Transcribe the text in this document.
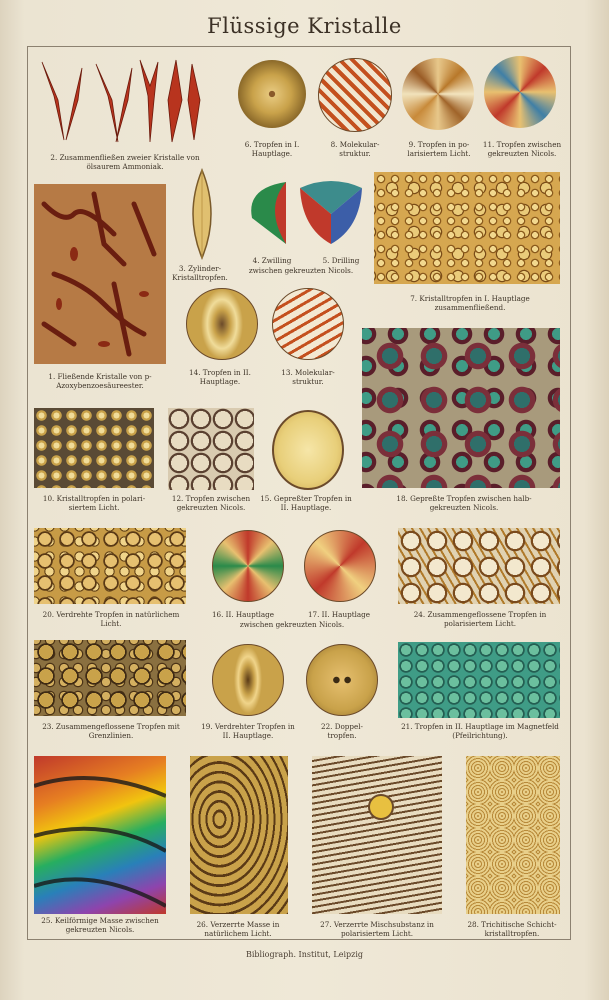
Flüssige Kristalle
2. Zusammenfließen zweier Kristalle von ölsaurem Ammoniak.
6. Tropfen in I. Hauptlage.
8. Molekular-struktur.
9. Tropfen in po-larisiertem Licht.
11. Tropfen zwischen gekreuzten Nicols.
1. Fließende Kristalle von p-Azoxybenzoesäureester.
3. Zylinder-Kristalltropfen.
4. Zwilling	5. Drilling
zwischen gekreuzten Nicols.
7. Kristalltropfen in I. Hauptlage zusammenfließend.
14. Tropfen in II. Hauptlage.
13. Molekular-struktur.
18. Gepreßte Tropfen zwischen halb-gekreuzten Nicols.
10. Kristalltropfen in polari-siertem Licht.
12. Tropfen zwischen gekreuzten Nicols.
15. Gepreßter Tropfen in II. Hauptlage.
20. Verdrehte Tropfen in natürlichem Licht.
16. II. Hauptlage	17. II. Hauptlage
zwischen gekreuzten Nicols.
24. Zusammengeflossene Tropfen in polarisiertem Licht.
23. Zusammengeflossene Tropfen mit Grenzlinien.
19. Verdrehter Tropfen in II. Hauptlage.
22. Doppel-tropfen.
21. Tropfen in II. Hauptlage im Magnetfeld (Pfeilrichtung).
25. Keilförmige Masse zwischen gekreuzten Nicols.
26. Verzerrte Masse in natürlichem Licht.
27. Verzerrte Mischsubstanz in polarisiertem Licht.
28. Trichitische Schicht-kristalltropfen.
Bibliograph. Institut, Leipzig
